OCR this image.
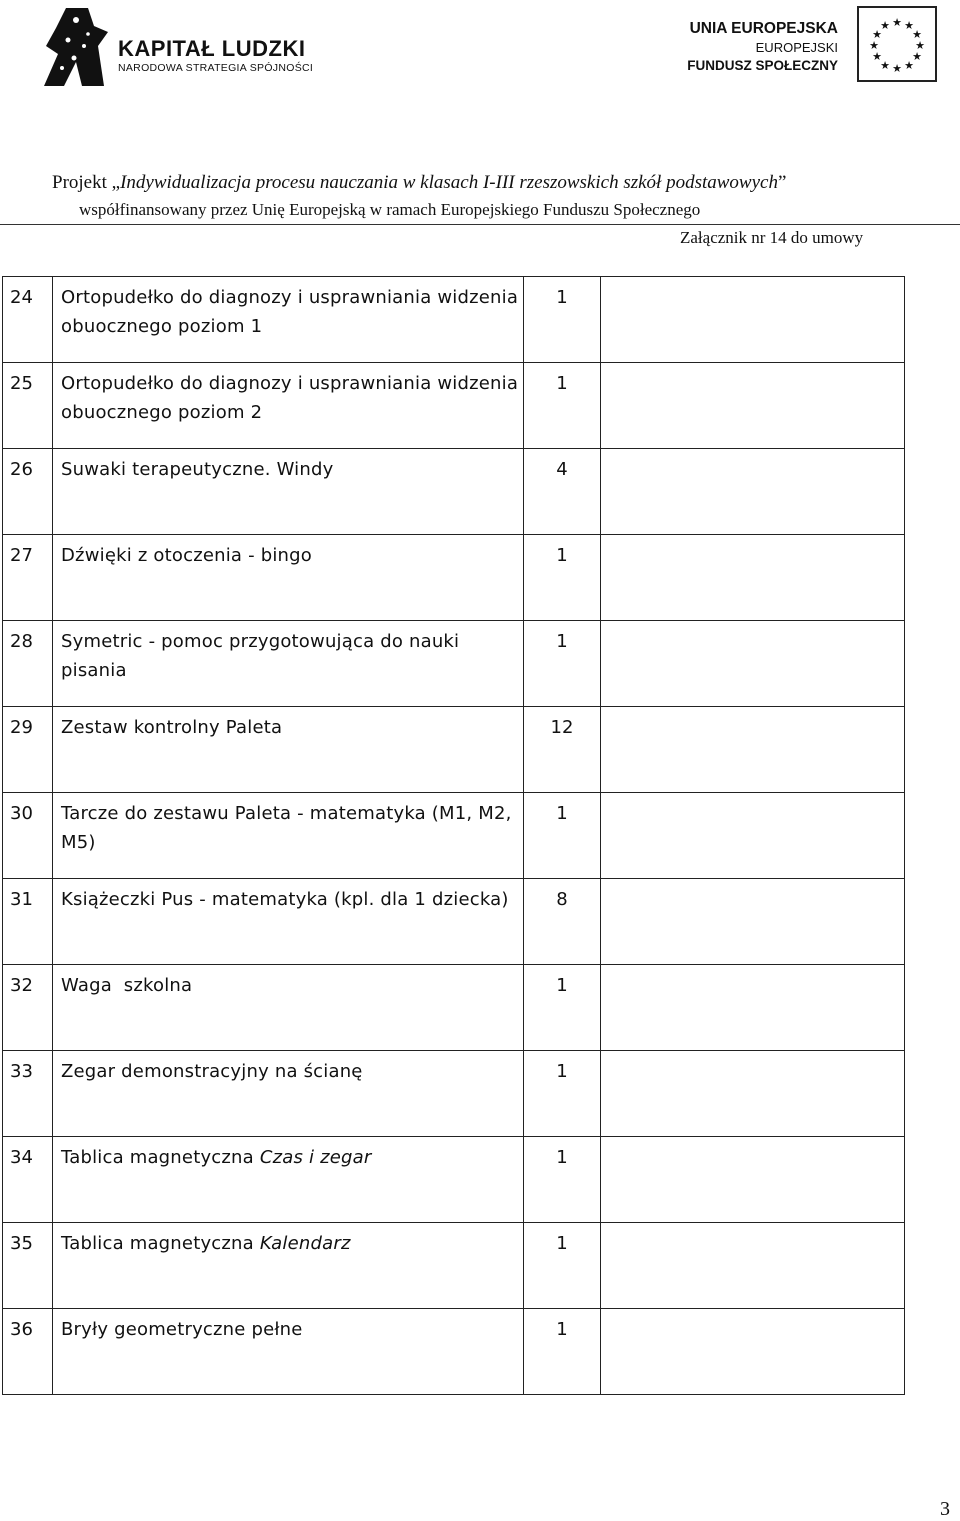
KAPITAŁ LUDZKI
NARODOWA STRATEGIA SPÓJNOŚCI
UNIA EUROPEJSKA
EUROPEJSKI
FUNDUSZ SPOŁECZNY
★ ★
★
★
★
★
★
★
★
★
★
★
Projekt „Indywidualizacja procesu nauczania w klasach I-III rzeszowskich szkół podstawowych”
współfinansowany przez Unię Europejską w ramach Europejskiego Funduszu Społecznego
Załącznik nr 14 do umowy
24	Ortopudełko do diagnozy i usprawniania widzenia obuocznego poziom 1	1	
25	Ortopudełko do diagnozy i usprawniania widzenia obuocznego poziom 2	1	
26	Suwaki terapeutyczne. Windy	4	
27	Dźwięki z otoczenia - bingo	1	
28	Symetric - pomoc przygotowująca do nauki pisania	1	
29	Zestaw kontrolny Paleta	12	
30	Tarcze do zestawu Paleta - matematyka (M1, M2, M5)	1	
31	Książeczki Pus - matematyka (kpl. dla 1 dziecka)	8	
32	Waga  szkolna	1	
33	Zegar demonstracyjny na ścianę	1	
34	Tablica magnetyczna Czas i zegar	1	
35	Tablica magnetyczna Kalendarz	1	
36	Bryły geometryczne pełne	1	
3
